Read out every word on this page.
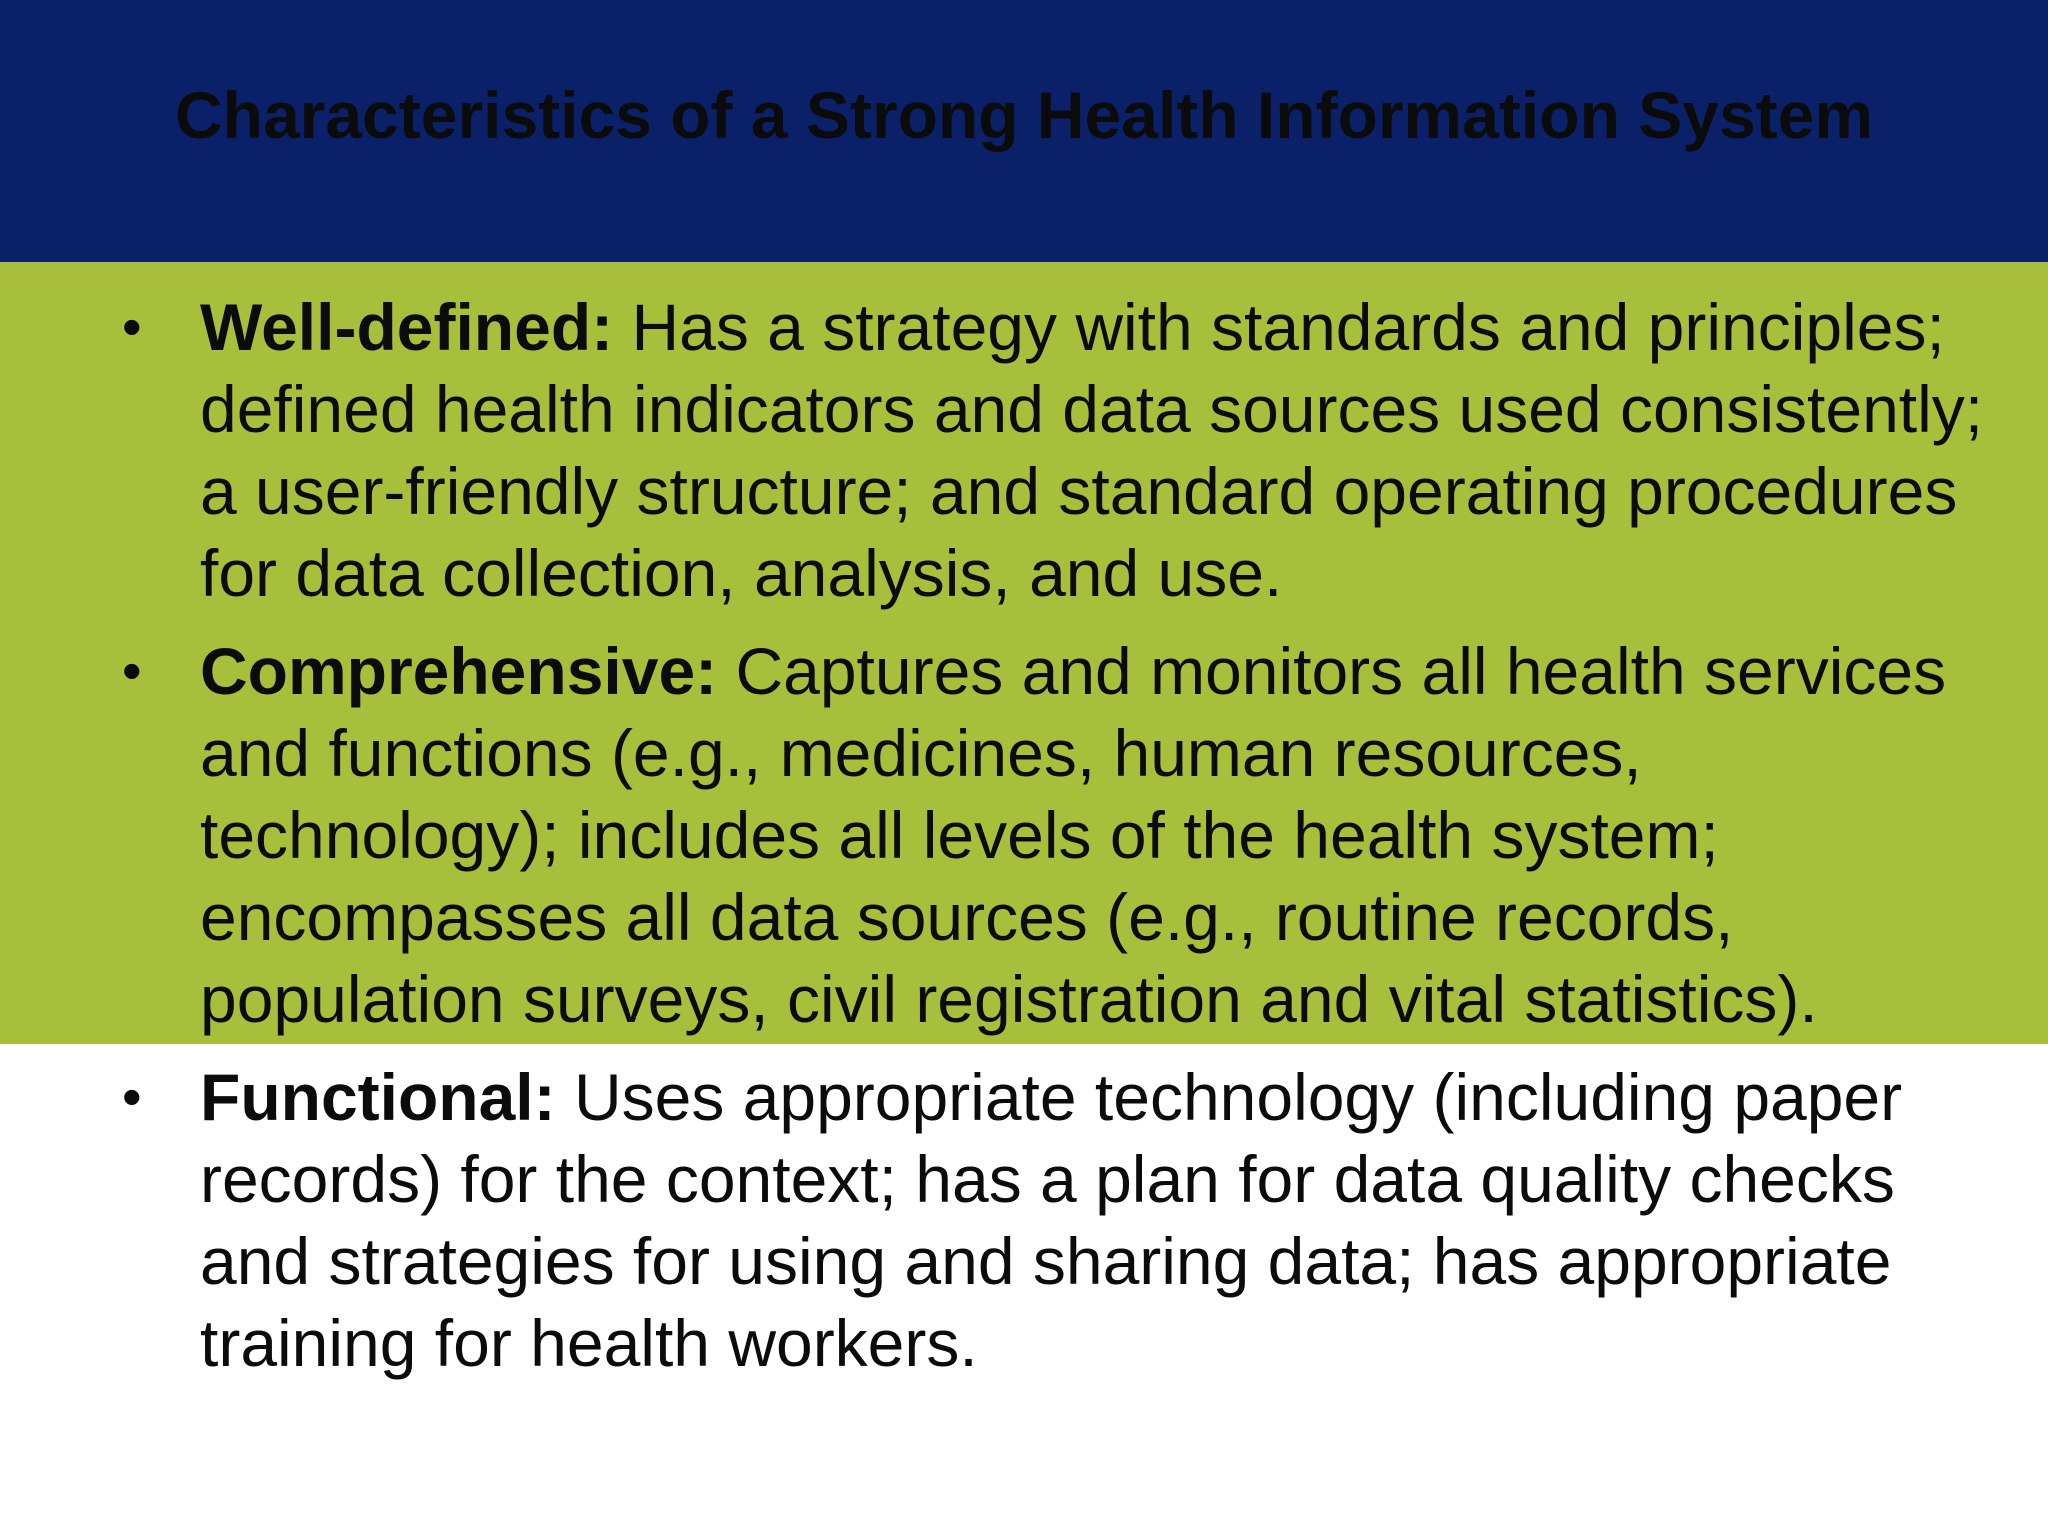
Characteristics of a Strong Health Information System
• Well-defined: Has a strategy with standards and principles; defined health indicators and data sources used consistently; a user-friendly structure; and standard operating procedures for data collection, analysis, and use.
• Comprehensive: Captures and monitors all health services and functions (e.g., medicines, human resources, technology); includes all levels of the health system; encompasses all data sources (e.g., routine records, population surveys, civil registration and vital statistics).
• Functional: Uses appropriate technology (including paper records) for the context; has a plan for data quality checks and strategies for using and sharing data; has appropriate training for health workers.
